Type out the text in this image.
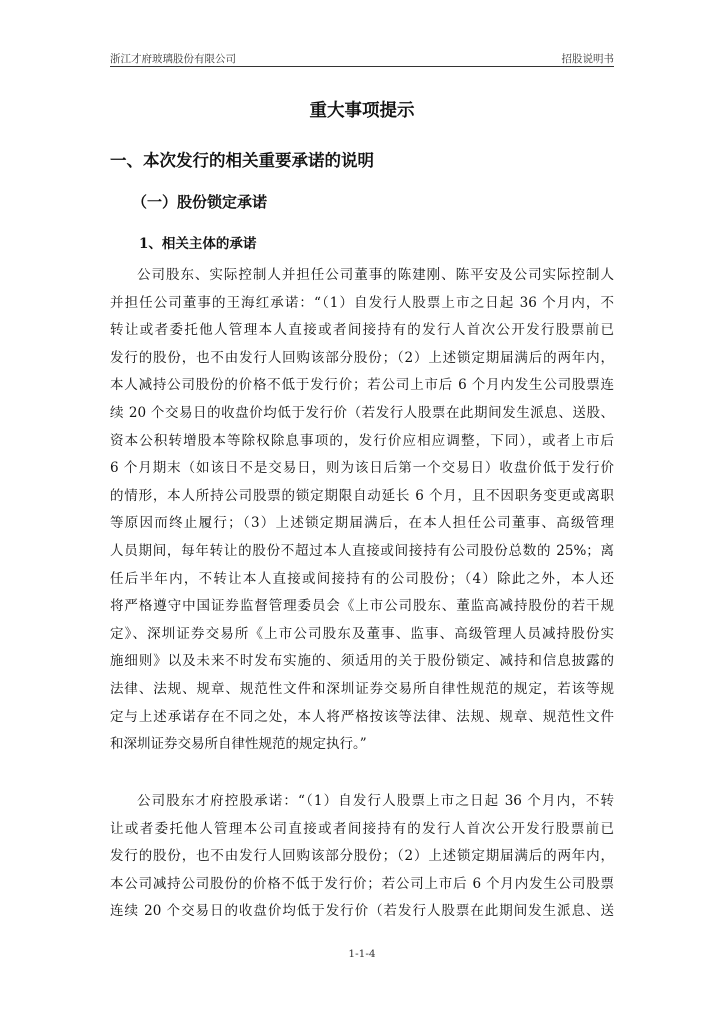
浙江才府玻璃股份有限公司	招股说明书
重大事项提示
一、本次发行的相关重要承诺的说明
（一）股份锁定承诺
1、相关主体的承诺
公司股东、实际控制人并担任公司董事的陈建刚、陈平安及公司实际控制人
并担任公司董事的王海红承诺：“（1）自发行人股票上市之日起 36 个月内，不
转让或者委托他人管理本人直接或者间接持有的发行人首次公开发行股票前已
发行的股份，也不由发行人回购该部分股份；（2）上述锁定期届满后的两年内，
本人减持公司股份的价格不低于发行价；若公司上市后 6 个月内发生公司股票连
续 20 个交易日的收盘价均低于发行价（若发行人股票在此期间发生派息、送股、
资本公积转增股本等除权除息事项的，发行价应相应调整，下同），或者上市后
6 个月期末（如该日不是交易日，则为该日后第一个交易日）收盘价低于发行价
的情形，本人所持公司股票的锁定期限自动延长 6 个月，且不因职务变更或离职
等原因而终止履行；（3）上述锁定期届满后，在本人担任公司董事、高级管理
人员期间，每年转让的股份不超过本人直接或间接持有公司股份总数的 25%；离
任后半年内，不转让本人直接或间接持有的公司股份；（4）除此之外，本人还
将严格遵守中国证券监督管理委员会《上市公司股东、董监高减持股份的若干规
定》、深圳证券交易所《上市公司股东及董事、监事、高级管理人员减持股份实
施细则》以及未来不时发布实施的、须适用的关于股份锁定、减持和信息披露的
法律、法规、规章、规范性文件和深圳证券交易所自律性规范的规定，若该等规
定与上述承诺存在不同之处，本人将严格按该等法律、法规、规章、规范性文件
和深圳证券交易所自律性规范的规定执行。”
公司股东才府控股承诺：“（1）自发行人股票上市之日起 36 个月内，不转
让或者委托他人管理本公司直接或者间接持有的发行人首次公开发行股票前已
发行的股份，也不由发行人回购该部分股份；（2）上述锁定期届满后的两年内，
本公司减持公司股份的价格不低于发行价；若公司上市后 6 个月内发生公司股票
连续 20 个交易日的收盘价均低于发行价（若发行人股票在此期间发生派息、送
1-1-4
